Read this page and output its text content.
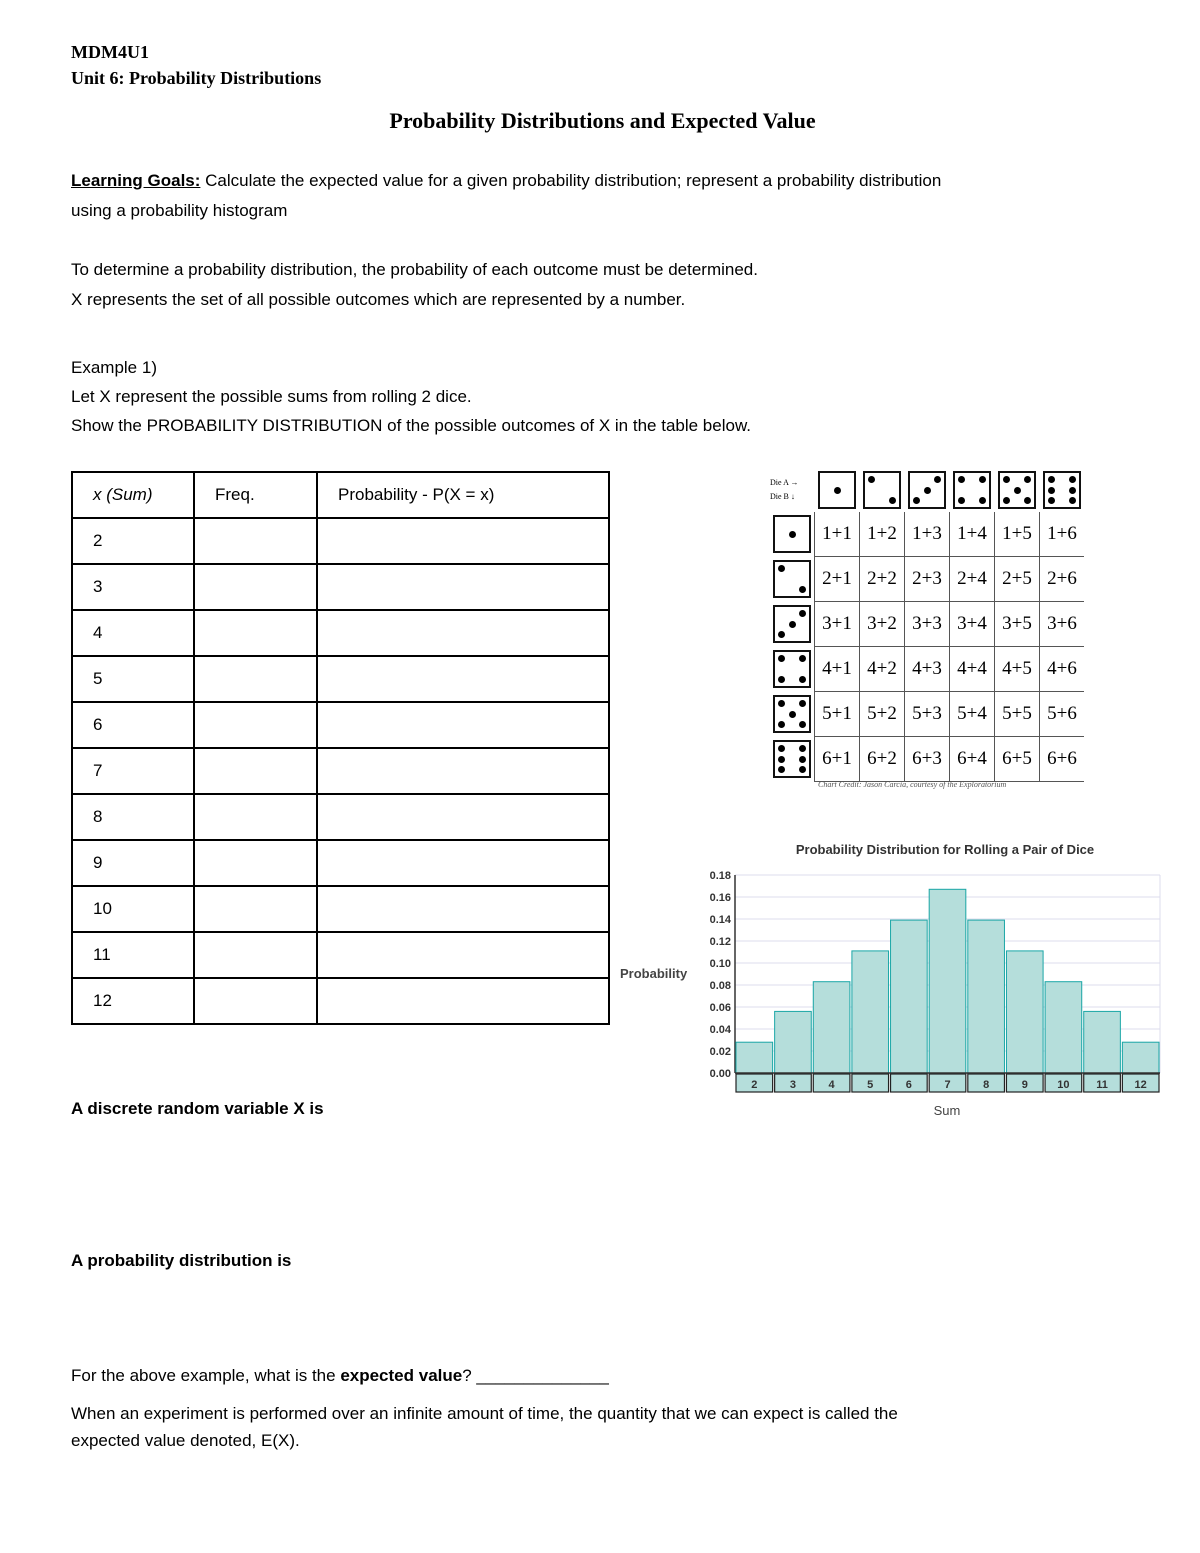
MDM4U1
Unit 6: Probability Distributions
Probability Distributions and Expected Value
Learning Goals: Calculate the expected value for a given probability distribution; represent a probability distribution
using a probability histogram
To determine a probability distribution, the probability of each outcome must be determined.
X represents the set of all possible outcomes which are represented by a number.
Example 1)
Let X represent the possible sums from rolling 2 dice.
Show the PROBABILITY DISTRIBUTION of the possible outcomes of X in the table below.
x (Sum)	Freq.	Probability - P(X = x)
2		
3		
4		
5		
6		
7		
8		
9		
10		
11		
12		
Die A →
Die B ↓	

	1+1	1+2	1+3	1+4	1+5	1+6

	2+1	2+2	2+3	2+4	2+5	2+6

	3+1	3+2	3+3	3+4	3+5	3+6

	4+1	4+2	4+3	4+4	4+5	4+6

	5+1	5+2	5+3	5+4	5+5	5+6

	6+1	6+2	6+3	6+4	6+5	6+6
Chart Credit: Jason Carcia, courtesy of the Exploratorium
Probability Distribution for Rolling a Pair of Dice
Probability
Sum
0.00
0.02
0.04
0.06
0.08
0.10
0.12
0.14
0.16
0.18
2	3	4	5	6	7	8	9	10 11 12
A discrete random variable X is
A probability distribution is
For the above example, what is the expected value? ______________
When an experiment is performed over an infinite amount of time, the quantity that we can expect is called the
expected value denoted, E(X).
